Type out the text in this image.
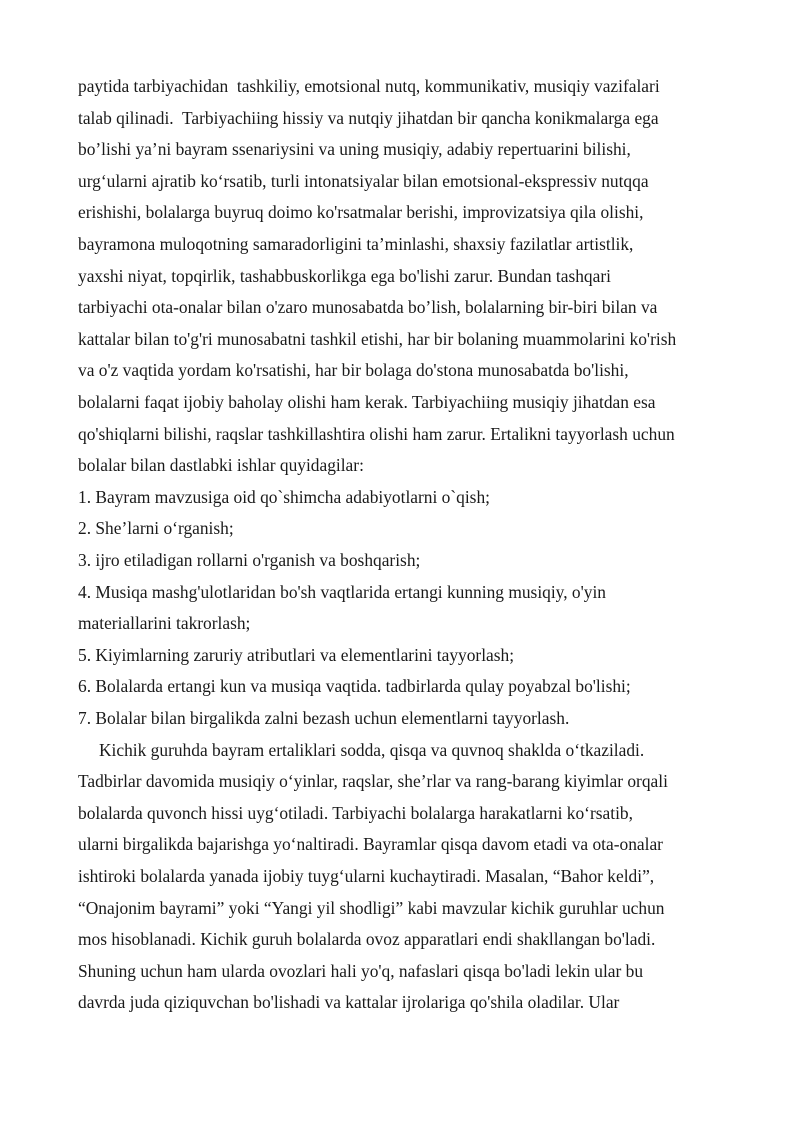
paytida tarbiyachidan  tashkiliy, emotsional nutq, kommunikativ, musiqiy vazifalari
talab qilinadi.  Tarbiyachiing hissiy va nutqiy jihatdan bir qancha konikmalarga ega
bo’lishi ya’ni bayram ssenariysini va uning musiqiy, adabiy repertuarini bilishi,
urg‘ularni ajratib ko‘rsatib, turli intonatsiyalar bilan emotsional-ekspressiv nutqqa
erishishi, bolalarga buyruq doimo ko'rsatmalar berishi, improvizatsiya qila olishi,
bayramona muloqotning samaradorligini ta’minlashi, shaxsiy fazilatlar artistlik,
yaxshi niyat, topqirlik, tashabbuskorlikga ega bo'lishi zarur. Bundan tashqari
tarbiyachi ota-onalar bilan o'zaro munosabatda bo’lish, bolalarning bir-biri bilan va
kattalar bilan to'g'ri munosabatni tashkil etishi, har bir bolaning muammolarini ko'rish
va o'z vaqtida yordam ko'rsatishi, har bir bolaga do'stona munosabatda bo'lishi,
bolalarni faqat ijobiy baholay olishi ham kerak. Tarbiyachiing musiqiy jihatdan esa
qo'shiqlarni bilishi, raqslar tashkillashtira olishi ham zarur. Ertalikni tayyorlash uchun
bolalar bilan dastlabki ishlar quyidagilar:
1. Bayram mavzusiga oid qo`shimcha adabiyotlarni o`qish;
2. She’larni o‘rganish;
3. ijro etiladigan rollarni o'rganish va boshqarish;
4. Musiqa mashg'ulotlaridan bo'sh vaqtlarida ertangi kunning musiqiy, o'yin
materiallarini takrorlash;
5. Kiyimlarning zaruriy atributlari va elementlarini tayyorlash;
6. Bolalarda ertangi kun va musiqa vaqtida. tadbirlarda qulay poyabzal bo'lishi;
7. Bolalar bilan birgalikda zalni bezash uchun elementlarni tayyorlash.
Kichik guruhda bayram ertaliklari sodda, qisqa va quvnoq shaklda o‘tkaziladi.
Tadbirlar davomida musiqiy o‘yinlar, raqslar, she’rlar va rang-barang kiyimlar orqali
bolalarda quvonch hissi uyg‘otiladi. Tarbiyachi bolalarga harakatlarni ko‘rsatib,
ularni birgalikda bajarishga yo‘naltiradi. Bayramlar qisqa davom etadi va ota-onalar
ishtiroki bolalarda yanada ijobiy tuyg‘ularni kuchaytiradi. Masalan, “Bahor keldi”,
“Onajonim bayrami” yoki “Yangi yil shodligi” kabi mavzular kichik guruhlar uchun
mos hisoblanadi. Kichik guruh bolalarda ovoz apparatlari endi shakllangan bo'ladi.
Shuning uchun ham ularda ovozlari hali yo'q, nafaslari qisqa bo'ladi lekin ular bu
davrda juda qiziquvchan bo'lishadi va kattalar ijrolariga qo'shila oladilar. Ular
